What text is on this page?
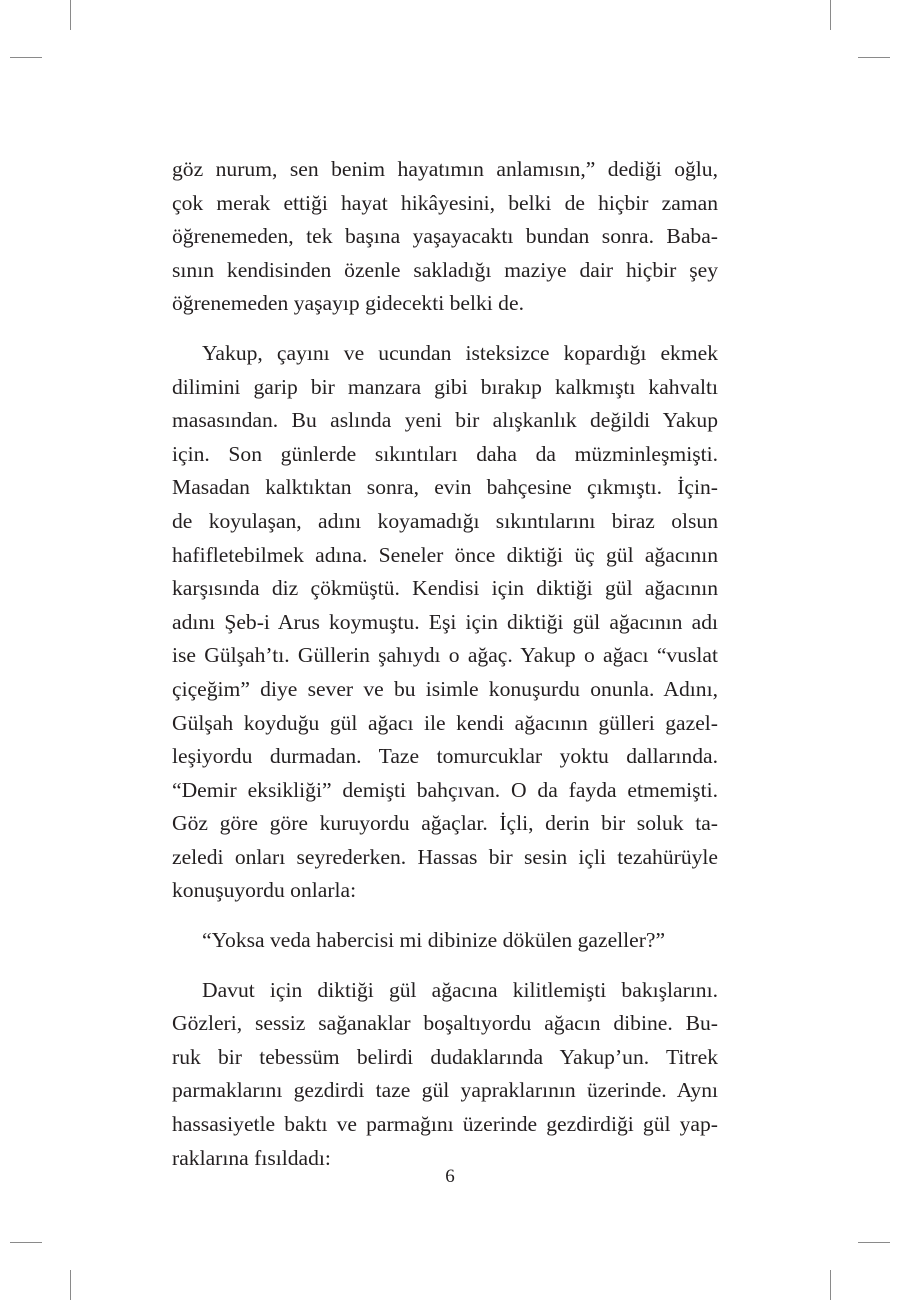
göz nurum, sen benim hayatımın anlamısın,” dediği oğlu,
çok merak ettiği hayat hikâyesini, belki de hiçbir zaman
öğrenemeden, tek başına yaşayacaktı bundan sonra. Baba-
sının kendisinden özenle sakladığı maziye dair hiçbir şey
öğrenemeden yaşayıp gidecekti belki de.

Yakup, çayını ve ucundan isteksizce kopardığı ekmek
dilimini garip bir manzara gibi bırakıp kalkmıştı kahvaltı
masasından. Bu aslında yeni bir alışkanlık değildi Yakup
için. Son günlerde sıkıntıları daha da müzminleşmişti.
Masadan kalktıktan sonra, evin bahçesine çıkmıştı. İçin-
de koyulaşan, adını koyamadığı sıkıntılarını biraz olsun
hafifletebilmek adına. Seneler önce diktiği üç gül ağacının
karşısında diz çökmüştü. Kendisi için diktiği gül ağacının
adını Şeb-i Arus koymuştu. Eşi için diktiği gül ağacının adı
ise Gülşah’tı. Güllerin şahıydı o ağaç. Yakup o ağacı “vuslat
çiçeğim” diye sever ve bu isimle konuşurdu onunla. Adını,
Gülşah koyduğu gül ağacı ile kendi ağacının gülleri gazel-
leşiyordu durmadan. Taze tomurcuklar yoktu dallarında.
“Demir eksikliği” demişti bahçıvan. O da fayda etmemişti.
Göz göre göre kuruyordu ağaçlar. İçli, derin bir soluk ta-
zeledi onları seyrederken. Hassas bir sesin içli tezahürüyle
konuşuyordu onlarla:

“Yoksa veda habercisi mi dibinize dökülen gazeller?”

Davut için diktiği gül ağacına kilitlemişti bakışlarını.
Gözleri, sessiz sağanaklar boşaltıyordu ağacın dibine. Bu-
ruk bir tebessüm belirdi dudaklarında Yakup’un. Titrek
parmaklarını gezdirdi taze gül yapraklarının üzerinde. Aynı
hassasiyetle baktı ve parmağını üzerinde gezdirdiği gül yap-
raklarına fısıldadı:

6
